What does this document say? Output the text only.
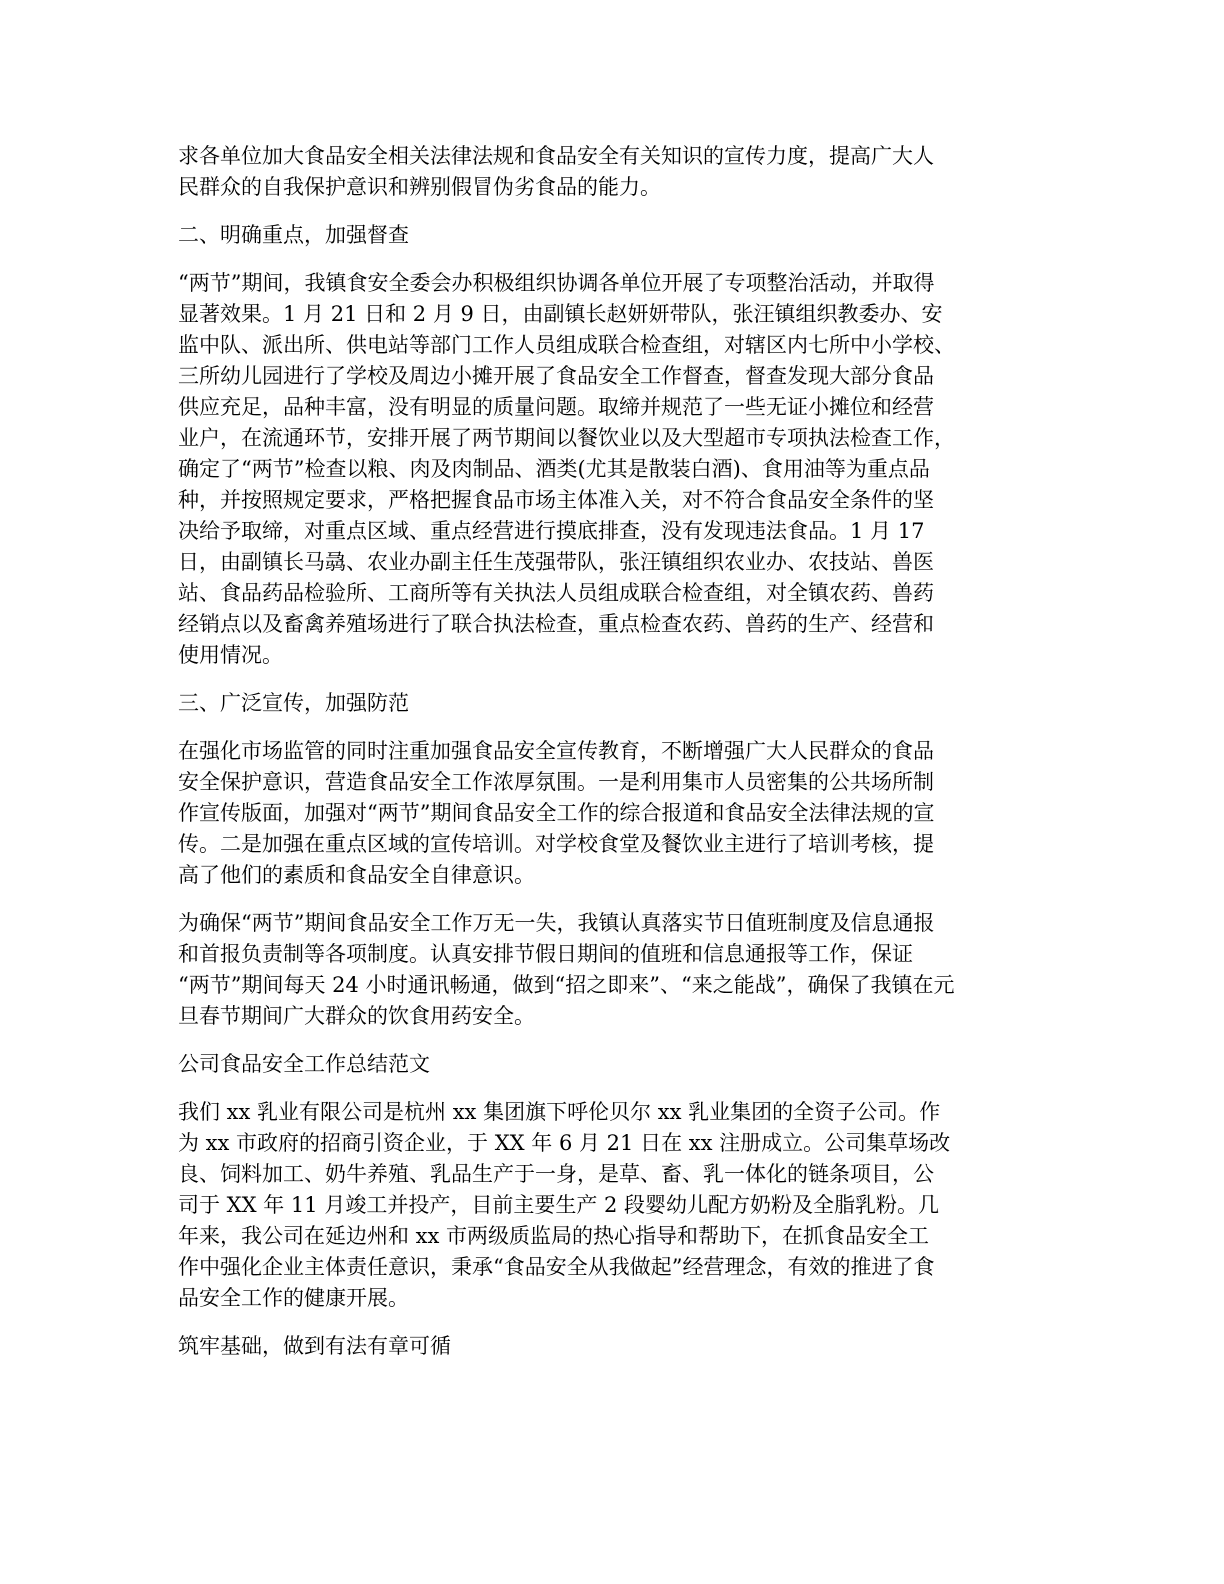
求各单位加大食品安全相关法律法规和食品安全有关知识的宣传力度，提高广大人
民群众的自我保护意识和辨别假冒伪劣食品的能力。

二、明确重点，加强督查

“两节”期间，我镇食安全委会办积极组织协调各单位开展了专项整治活动，并取得
显著效果。1 月 21 日和 2 月 9 日，由副镇长赵妍妍带队，张汪镇组织教委办、安
监中队、派出所、供电站等部门工作人员组成联合检查组，对辖区内七所中小学校、
三所幼儿园进行了学校及周边小摊开展了食品安全工作督查，督查发现大部分食品
供应充足，品种丰富，没有明显的质量问题。取缔并规范了一些无证小摊位和经营
业户，在流通环节，安排开展了两节期间以餐饮业以及大型超市专项执法检查工作，
确定了“两节”检查以粮、肉及肉制品、酒类(尤其是散装白酒)、食用油等为重点品
种，并按照规定要求，严格把握食品市场主体准入关，对不符合食品安全条件的坚
决给予取缔，对重点区域、重点经营进行摸底排查，没有发现违法食品。1 月 17
日，由副镇长马骉、农业办副主任生茂强带队，张汪镇组织农业办、农技站、兽医
站、食品药品检验所、工商所等有关执法人员组成联合检查组，对全镇农药、兽药
经销点以及畜禽养殖场进行了联合执法检查，重点检查农药、兽药的生产、经营和
使用情况。

三、广泛宣传，加强防范

在强化市场监管的同时注重加强食品安全宣传教育，不断增强广大人民群众的食品
安全保护意识，营造食品安全工作浓厚氛围。一是利用集市人员密集的公共场所制
作宣传版面，加强对“两节”期间食品安全工作的综合报道和食品安全法律法规的宣
传。二是加强在重点区域的宣传培训。对学校食堂及餐饮业主进行了培训考核，提
高了他们的素质和食品安全自律意识。

为确保“两节”期间食品安全工作万无一失，我镇认真落实节日值班制度及信息通报
和首报负责制等各项制度。认真安排节假日期间的值班和信息通报等工作，保证
“两节”期间每天 24 小时通讯畅通，做到“招之即来”、“来之能战”，确保了我镇在元
旦春节期间广大群众的饮食用药安全。

公司食品安全工作总结范文

我们 xx 乳业有限公司是杭州 xx 集团旗下呼伦贝尔 xx 乳业集团的全资子公司。作
为 xx 市政府的招商引资企业，于 XX 年 6 月 21 日在 xx 注册成立。公司集草场改
良、饲料加工、奶牛养殖、乳品生产于一身，是草、畜、乳一体化的链条项目，公
司于 XX 年 11 月竣工并投产，目前主要生产 2 段婴幼儿配方奶粉及全脂乳粉。几
年来，我公司在延边州和 xx 市两级质监局的热心指导和帮助下，在抓食品安全工
作中强化企业主体责任意识，秉承“食品安全从我做起”经营理念，有效的推进了食
品安全工作的健康开展。

筑牢基础，做到有法有章可循
